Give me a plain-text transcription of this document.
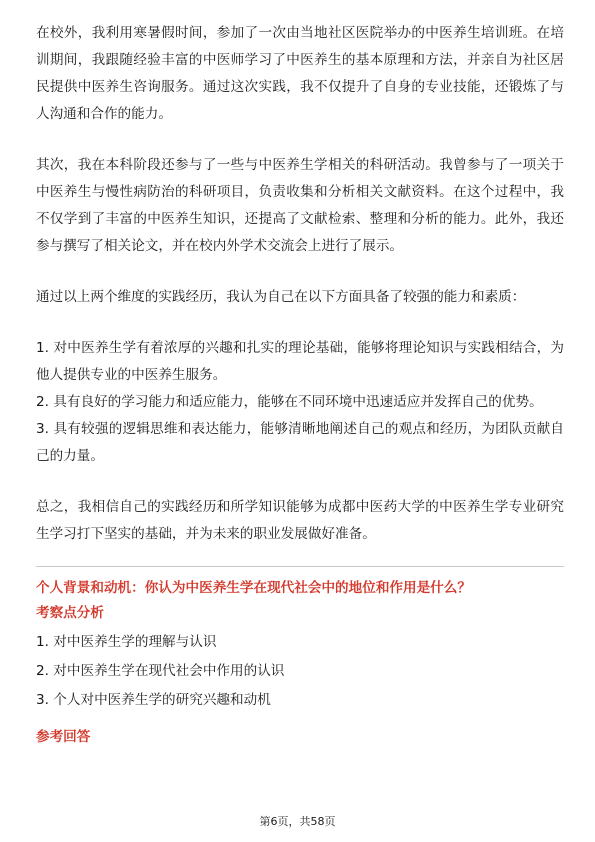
在校外，我利用寒暑假时间，参加了一次由当地社区医院举办的中医养生培训班。在培训期间，我跟随经验丰富的中医师学习了中医养生的基本原理和方法，并亲自为社区居民提供中医养生咨询服务。通过这次实践，我不仅提升了自身的专业技能，还锻炼了与人沟通和合作的能力。

其次，我在本科阶段还参与了一些与中医养生学相关的科研活动。我曾参与了一项关于中医养生与慢性病防治的科研项目，负责收集和分析相关文献资料。在这个过程中，我不仅学到了丰富的中医养生知识，还提高了文献检索、整理和分析的能力。此外，我还参与撰写了相关论文，并在校内外学术交流会上进行了展示。

通过以上两个维度的实践经历，我认为自己在以下方面具备了较强的能力和素质：

1. 对中医养生学有着浓厚的兴趣和扎实的理论基础，能够将理论知识与实践相结合，为他人提供专业的中医养生服务。
2. 具有良好的学习能力和适应能力，能够在不同环境中迅速适应并发挥自己的优势。
3. 具有较强的逻辑思维和表达能力，能够清晰地阐述自己的观点和经历，为团队贡献自己的力量。

总之，我相信自己的实践经历和所学知识能够为成都中医药大学的中医养生学专业研究生学习打下坚实的基础，并为未来的职业发展做好准备。

个人背景和动机：你认为中医养生学在现代社会中的地位和作用是什么？
考察点分析
1. 对中医养生学的理解与认识
2. 对中医养生学在现代社会中作用的认识
3. 个人对中医养生学的研究兴趣和动机
参考回答
第6页，共58页
